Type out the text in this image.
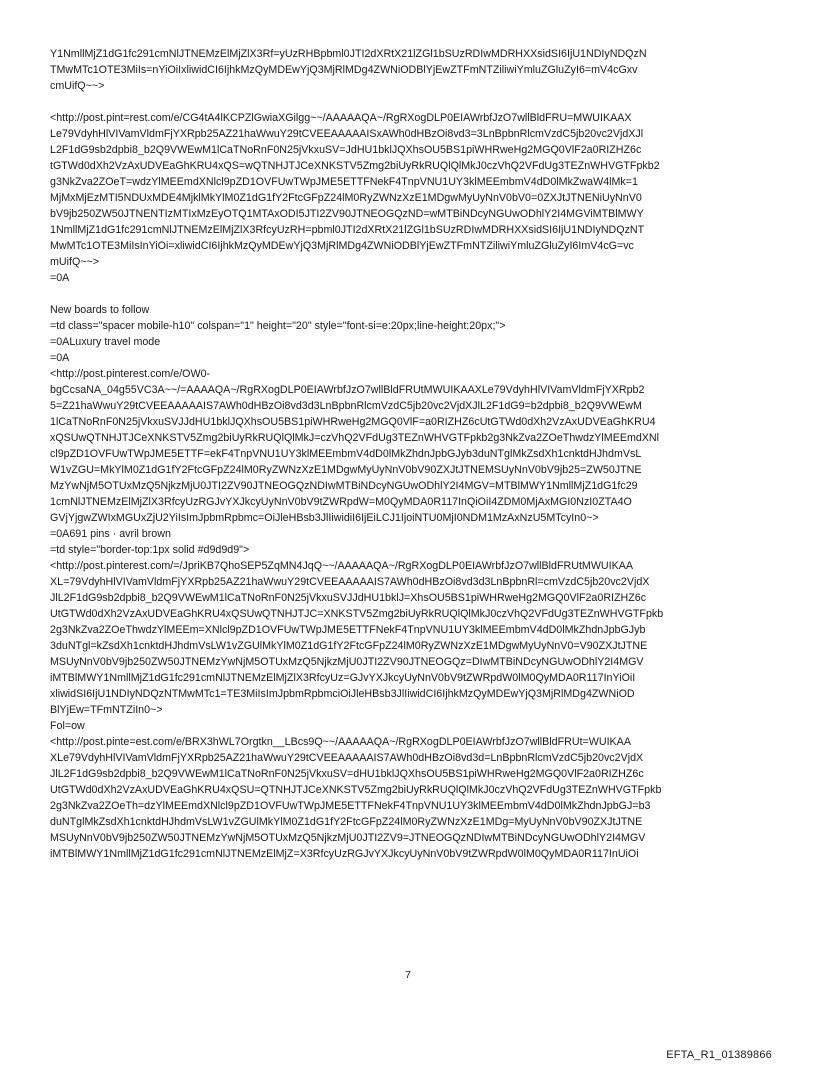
Y1NmllMjZ1dG1fc291cmNlJTNEMzElMjZlX3Rf=yUzRHBpbml0JTI2dXRtX21lZGl1bSUzRDIwMDRHXXsidSI6IjU1NDIyNDQzN
TMwMTc1OTE3MiIs=nYiOiIxliwidCI6IjhkMzQyMDEwYjQ3MjRlMDg4ZWNiODBlYjEwZTFmNTZiliwiYmluZGluZyI6=mV4cGxv
cmUifQ~~>
<http://post.pint=rest.com/e/CG4tA4lKCPZlGwiaXGilgg~~/AAAAAQA~/RgRXogDLP0EIAWrbfJzO7wllBldFRU=MWUIKAAX
Le79VdyhHlVIVamVldmFjYXRpb25AZ21haWwuY29tCVEEAAAAAISxAWh0dHBzOi8vd3=3LnBpbnRlcmVzdC5jb20vc2VjdXJl
L2F1dG9sb2dpbi8_b2Q9VWEwM1lCaTNoRnF0N25jVkxuSV=JdHU1bklJQXhsOU5BS1piWHRweHg2MGQ0VlF2a0RIZHZ6c
tGTWd0dXh2VzAxUDVEaGhKRU4xQS=wQTNHJTJCeXNKSTV5Zmg2biUyRkRUQlQlMkJ0czVhQ2VFdUg3TEZnWHVGTFpkb2
g3NkZva2ZOeT=wdzYlMEEmdXNlcl9pZD1OVFUwTWpJME5ETTFNekF4TnpVNU1UY3klMEEmbmV4dD0lMkZwaW4lMk=1
MjMxMjEzMTI5NDUxMDE4MjklMkYlM0Z1dG1fY2FtcGFpZ24lM0RyZWNzXzE1MDgwMyUyNnV0bV0=0ZXJtJTNENiUyNnV0
bV9jb250ZW50JTNENTIzMTIxMzEyOTQ1MTAxODI5JTI2ZV90JTNEOGQzND=wMTBiNDcyNGUwODhlY2I4MGViMTBlMWY
1NmllMjZ1dG1fc291cmNlJTNEMzElMjZlX3RfcyUzRH=pbml0JTI2dXRtX21lZGl1bSUzRDIwMDRHXXsidSI6IjU1NDIyNDQzNT
MwMTc1OTE3MiIsInYiOi=xliwidCI6IjhkMzQyMDEwYjQ3MjRlMDg4ZWNiODBlYjEwZTFmNTZiliwiYmluZGluZyI6ImV4cG=vc
mUifQ~~>
=0A
New boards to follow
=td class="spacer mobile-h10" colspan="1" height="20" style="font-si=e:20px;line-height:20px;">
=0ALuxury travel mode
=0A
<http://post.pinterest.com/e/OW0-
bgCcsaNA_04g55VC3A~~/=AAAAQA~/RgRXogDLP0EIAWrbfJzO7wllBldFRUtMWUIKAAXLe79VdyhHlVIVamVldmFjYXRpb2
5=Z21haWwuY29tCVEEAAAAAIS7AWh0dHBzOi8vd3d3LnBpbnRlcmVzdC5jb20vc2VjdXJlL2F1dG9=b2dpbi8_b2Q9VWEwM
1lCaTNoRnF0N25jVkxuSVJJdHU1bklJQXhsOU5BS1piWHRweHg2MGQ0VlF=a0RIZHZ6cUtGTWd0dXh2VzAxUDVEaGhKRU4
xQSUwQTNHJTJCeXNKSTV5Zmg2biUyRkRUQlQlMkJ=czVhQ2VFdUg3TEZnWHVGTFpkb2g3NkZva2ZOeThwdzYlMEEmdXNl
cl9pZD1OVFUwTWpJME5ETTF=ekF4TnpVNU1UY3klMEEmbmV4dD0lMkZhdnJpbGJyb3duNTglMkZsdXh1cnktdHJhdmVsL
W1vZGU=MkYlM0Z1dG1fY2FtcGFpZ24lM0RyZWNzXzE1MDgwMyUyNnV0bV90ZXJtJTNEMSUyNnV0bV9jb25=ZW50JTNE
MzYwNjM5OTUxMzQ5NjkzMjU0JTI2ZV90JTNEOGQzNDIwMTBiNDcyNGUwODhlY2I4MGV=MTBlMWY1NmllMjZ1dG1fc29
1cmNlJTNEMzElMjZlX3RfcyUzRGJvYXJkcyUyNnV0bV9tZWRpdW=M0QyMDA0R117InQiOiI4ZDM0MjAxMGI0NzI0ZTA4O
GVjYjgwZWIxMGUxZjU2YiIsImJpbmRpbmc=OiJleHBsb3JlIiwidiI6IjEiLCJ1IjoiNTU0MjI0NDM1MzAxNzU5MTcyIn0~>
=0A691 pins · avril brown
=td style="border-top:1px solid #d9d9d9">
<http://post.pinterest.com/=/JpriKB7QhoSEP5ZqMN4JqQ~~/AAAAAQA~/RgRXogDLP0EIAWrbfJzO7wllBldFRUtMWUIKAA
XL=79VdyhHlVIVamVldmFjYXRpb25AZ21haWwuY29tCVEEAAAAAIS7AWh0dHBzOi8vd3d3LnBpbnRl=cmVzdC5jb20vc2VjdX
JlL2F1dG9sb2dpbi8_b2Q9VWEwM1lCaTNoRnF0N25jVkxuSVJJdHU1bklJ=XhsOU5BS1piWHRweHg2MGQ0VlF2a0RIZHZ6c
UtGTWd0dXh2VzAxUDVEaGhKRU4xQSUwQTNHJTJC=XNKSTV5Zmg2biUyRkRUQlQlMkJ0czVhQ2VFdUg3TEZnWHVGTFpkb
2g3NkZva2ZOeThwdzYlMEEm=XNlcl9pZD1OVFUwTWpJME5ETTFNekF4TnpVNU1UY3klMEEmbmV4dD0lMkZhdnJpbGJyb
3duNTgl=kZsdXh1cnktdHJhdmVsLW1vZGUlMkYlM0Z1dG1fY2FtcGFpZ24lM0RyZWNzXzE1MDgwMyUyNnV0=V90ZXJtJTNE
MSUyNnV0bV9jb250ZW50JTNEMzYwNjM5OTUxMzQ5NjkzMjU0JTI2ZV90JTNEOGQz=DIwMTBiNDcyNGUwODhlY2I4MGV
iMTBlMWY1NmllMjZ1dG1fc291cmNlJTNEMzElMjZlX3RfcyUz=GJvYXJkcyUyNnV0bV9tZWRpdW0lM0QyMDA0R117InYiOiI
xliwidSI6IjU1NDIyNDQzNTMwMTc1=TE3MiIsImJpbmRpbmciOiJleHBsb3JlIiwidCI6IjhkMzQyMDEwYjQ3MjRlMDg4ZWNiOD
BlYjEw=TFmNTZiIn0~>
Fol=ow
<http://post.pinte=est.com/e/BRX3hWL7Orgtkn__LBcs9Q~~/AAAAAQA~/RgRXogDLP0EIAWrbfJzO7wllBldFRUt=WUIKAA
XLe79VdyhHlVIVamVldmFjYXRpb25AZ21haWwuY29tCVEEAAAAAIS7AWh0dHBzOi8vd3d=LnBpbnRlcmVzdC5jb20vc2VjdX
JlL2F1dG9sb2dpbi8_b2Q9VWEwM1lCaTNoRnF0N25jVkxuSV=dHU1bklJQXhsOU5BS1piWHRweHg2MGQ0VlF2a0RIZHZ6c
UtGTWd0dXh2VzAxUDVEaGhKRU4xQSU=QTNHJTJCeXNKSTV5Zmg2biUyRkRUQlQlMkJ0czVhQ2VFdUg3TEZnWHVGTFpkb
2g3NkZva2ZOeTh=dzYlMEEmdXNlcl9pZD1OVFUwTWpJME5ETTFNekF4TnpVNU1UY3klMEEmbmV4dD0lMkZhdnJpbGJ=b3
duNTglMkZsdXh1cnktdHJhdmVsLW1vZGUlMkYlM0Z1dG1fY2FtcGFpZ24lM0RyZWNzXzE1MDg=MyUyNnV0bV90ZXJtJTNE
MSUyNnV0bV9jb250ZW50JTNEMzYwNjM5OTUxMzQ5NjkzMjU0JTI2ZV9=JTNEOGQzNDIwMTBiNDcyNGUwODhlY2I4MGV
iMTBlMWY1NmllMjZ1dG1fc291cmNlJTNEMzElMjZ=X3RfcyUzRGJvYXJkcyUyNnV0bV9tZWRpdW0lM0QyMDA0R117InUiOi
7
EFTA_R1_01389866
